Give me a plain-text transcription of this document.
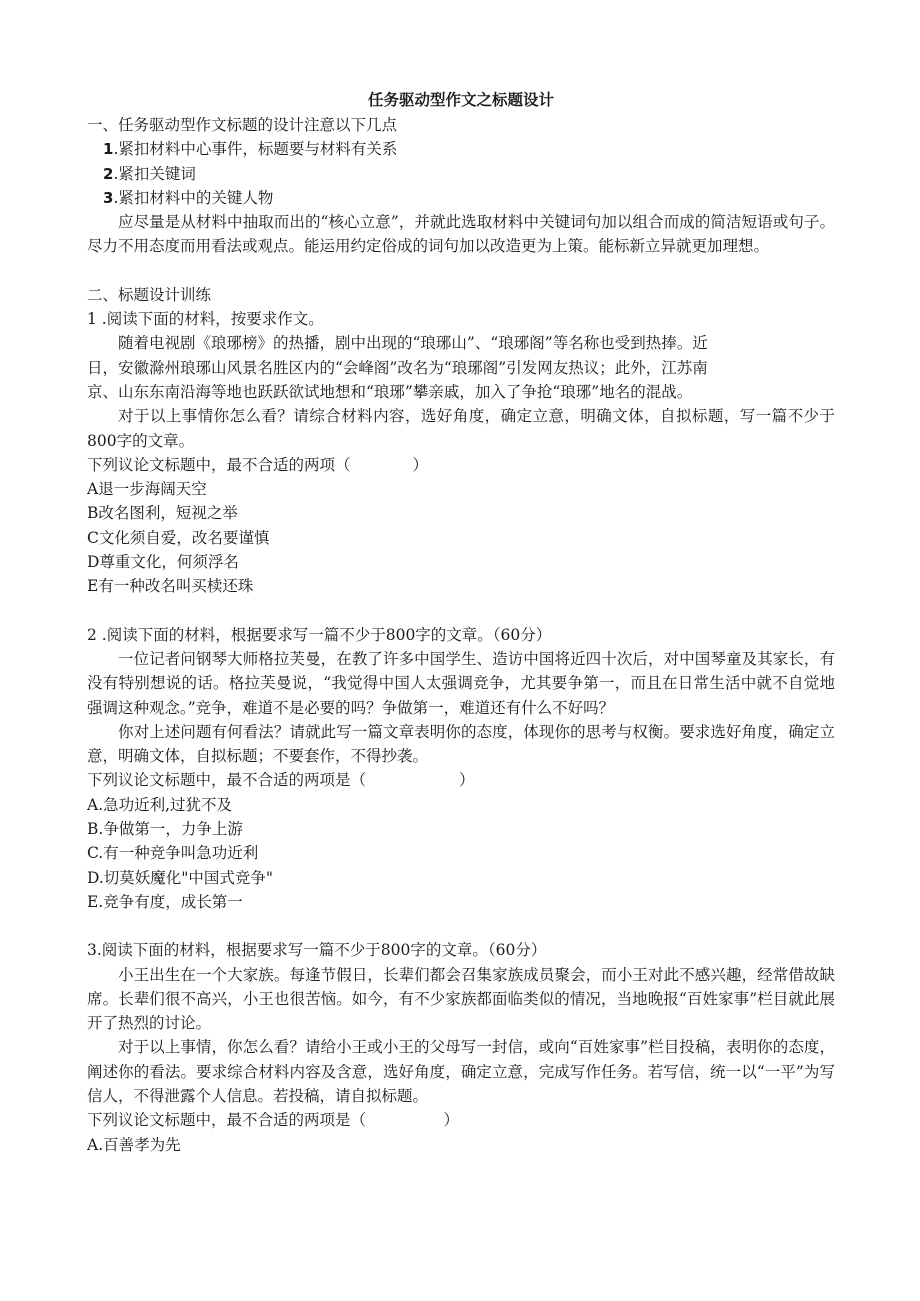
任务驱动型作文之标题设计

一、任务驱动型作文标题的设计注意以下几点

1.紧扣材料中心事件，标题要与材料有关系

2.紧扣关键词

3.紧扣材料中的关键人物

应尽量是从材料中抽取而出的“核心立意”，并就此选取材料中关键词句加以组合而成的简洁短语或句子。尽力不用态度而用看法或观点。能运用约定俗成的词句加以改造更为上策。能标新立异就更加理想。

二、标题设计训练

1 .阅读下面的材料，按要求作文。

随着电视剧《琅琊榜》的热播，剧中出现的“琅琊山”、“琅琊阁”等名称也受到热捧。近

日，安徽滁州琅琊山风景名胜区内的“会峰阁”改名为“琅琊阁”引发网友热议；此外，江苏南

京、山东东南沿海等地也跃跃欲试地想和“琅琊”攀亲戚，加入了争抢“琅琊”地名的混战。

对于以上事情你怎么看？请综合材料内容，选好角度，确定立意，明确文体，自拟标题，写一篇不少于800字的文章。

下列议论文标题中，最不合适的两项（　　　　）

A退一步海阔天空

B改名图利，短视之举

C文化须自爱，改名要谨慎

D尊重文化，何须浮名

E有一种改名叫买椟还珠

2 .阅读下面的材料，根据要求写一篇不少于800字的文章。（60分）

一位记者问钢琴大师格拉芙曼，在教了许多中国学生、造访中国将近四十次后，对中国琴童及其家长，有没有特别想说的话。格拉芙曼说，“我觉得中国人太强调竞争，尤其要争第一，而且在日常生活中就不自觉地强调这种观念。”竞争，难道不是必要的吗？争做第一，难道还有什么不好吗？

你对上述问题有何看法？请就此写一篇文章表明你的态度，体现你的思考与权衡。要求选好角度，确定立意，明确文体，自拟标题；不要套作，不得抄袭。

下列议论文标题中，最不合适的两项是（　　　　　　）

A.急功近利,过犹不及

B.争做第一，力争上游

C.有一种竞争叫急功近利

D.切莫妖魔化"中国式竞争"

E.竞争有度，成长第一

3.阅读下面的材料，根据要求写一篇不少于800字的文章。（60分）

小王出生在一个大家族。每逢节假日，长辈们都会召集家族成员聚会，而小王对此不感兴趣，经常借故缺席。长辈们很不高兴，小王也很苦恼。如今，有不少家族都面临类似的情况，当地晚报“百姓家事”栏目就此展开了热烈的讨论。

对于以上事情，你怎么看？请给小王或小王的父母写一封信，或向“百姓家事”栏目投稿，表明你的态度，阐述你的看法。要求综合材料内容及含意，选好角度，确定立意，完成写作任务。若写信，统一以“一平”为写信人，不得泄露个人信息。若投稿，请自拟标题。

下列议论文标题中，最不合适的两项是（　　　　　）

A.百善孝为先
